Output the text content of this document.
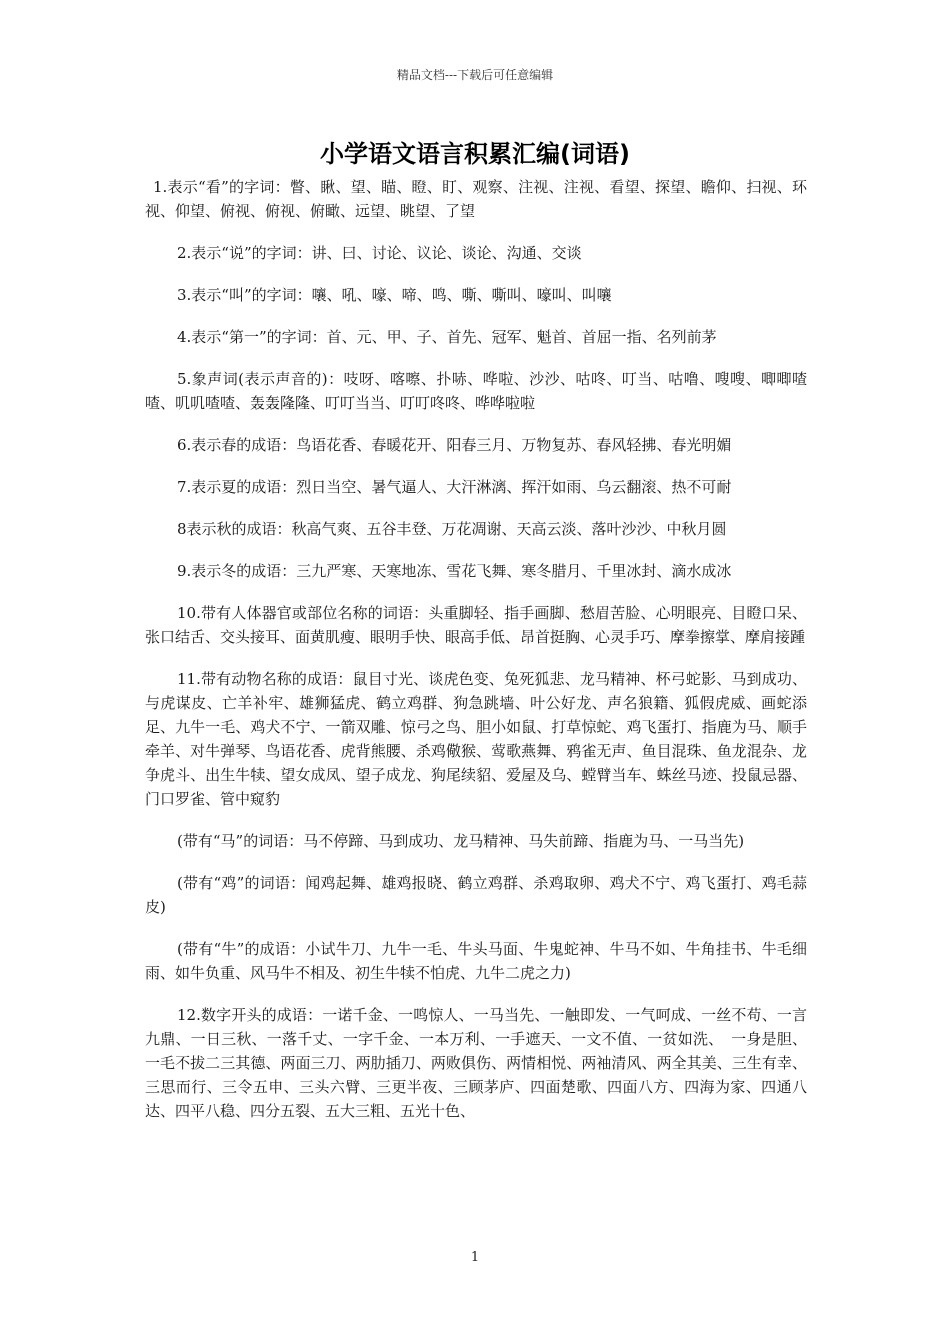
精品文档---下载后可任意编辑
小学语文语言积累汇编(词语)

1.表示“看”的字词：瞥、瞅、望、瞄、瞪、盯、观察、注视、注视、看望、探望、瞻仰、扫视、环视、仰望、俯视、俯视、俯瞰、远望、眺望、了望

2.表示“说”的字词：讲、曰、讨论、议论、谈论、沟通、交谈

3.表示“叫”的字词：嚷、吼、嚎、啼、鸣、嘶、嘶叫、嚎叫、叫嚷

4.表示“第一”的字词：首、元、甲、子、首先、冠军、魁首、首屈一指、名列前茅

5.象声词(表示声音的)：吱呀、喀嚓、扑哧、哗啦、沙沙、咕咚、叮当、咕噜、嗖嗖、唧唧喳喳、叽叽喳喳、轰轰隆隆、叮叮当当、叮叮咚咚、哗哗啦啦

6.表示春的成语：鸟语花香、春暖花开、阳春三月、万物复苏、春风轻拂、春光明媚

7.表示夏的成语：烈日当空、暑气逼人、大汗淋漓、挥汗如雨、乌云翻滚、热不可耐

8表示秋的成语：秋高气爽、五谷丰登、万花凋谢、天高云淡、落叶沙沙、中秋月圆

9.表示冬的成语：三九严寒、天寒地冻、雪花飞舞、寒冬腊月、千里冰封、滴水成冰

10.带有人体器官或部位名称的词语：头重脚轻、指手画脚、愁眉苦脸、心明眼亮、目瞪口呆、张口结舌、交头接耳、面黄肌瘦、眼明手快、眼高手低、昂首挺胸、心灵手巧、摩拳擦掌、摩肩接踵

11.带有动物名称的成语：鼠目寸光、谈虎色变、兔死狐悲、龙马精神、杯弓蛇影、马到成功、与虎谋皮、亡羊补牢、雄狮猛虎、鹤立鸡群、狗急跳墙、叶公好龙、声名狼籍、狐假虎威、画蛇添足、九牛一毛、鸡犬不宁、一箭双雕、惊弓之鸟、胆小如鼠、打草惊蛇、鸡飞蛋打、指鹿为马、顺手牵羊、对牛弹琴、鸟语花香、虎背熊腰、杀鸡儆猴、莺歌燕舞、鸦雀无声、鱼目混珠、鱼龙混杂、龙争虎斗、出生牛犊、望女成凤、望子成龙、狗尾续貂、爱屋及乌、螳臂当车、蛛丝马迹、投鼠忌器、门口罗雀、管中窥豹

(带有“马”的词语：马不停蹄、马到成功、龙马精神、马失前蹄、指鹿为马、一马当先)

(带有“鸡”的词语：闻鸡起舞、雄鸡报晓、鹤立鸡群、杀鸡取卵、鸡犬不宁、鸡飞蛋打、鸡毛蒜皮)

(带有“牛”的成语：小试牛刀、九牛一毛、牛头马面、牛鬼蛇神、牛马不如、牛角挂书、牛毛细雨、如牛负重、风马牛不相及、初生牛犊不怕虎、九牛二虎之力)

12.数字开头的成语：一诺千金、一鸣惊人、一马当先、一触即发、一气呵成、一丝不苟、一言九鼎、一日三秋、一落千丈、一字千金、一本万利、一手遮天、一文不值、一贫如洗、　一身是胆、一毛不拔二三其德、两面三刀、两肋插刀、两败俱伤、两情相悦、两袖清风、两全其美、三生有幸、三思而行、三令五申、三头六臂、三更半夜、三顾茅庐、四面楚歌、四面八方、四海为家、四通八达、四平八稳、四分五裂、五大三粗、五光十色、

1
